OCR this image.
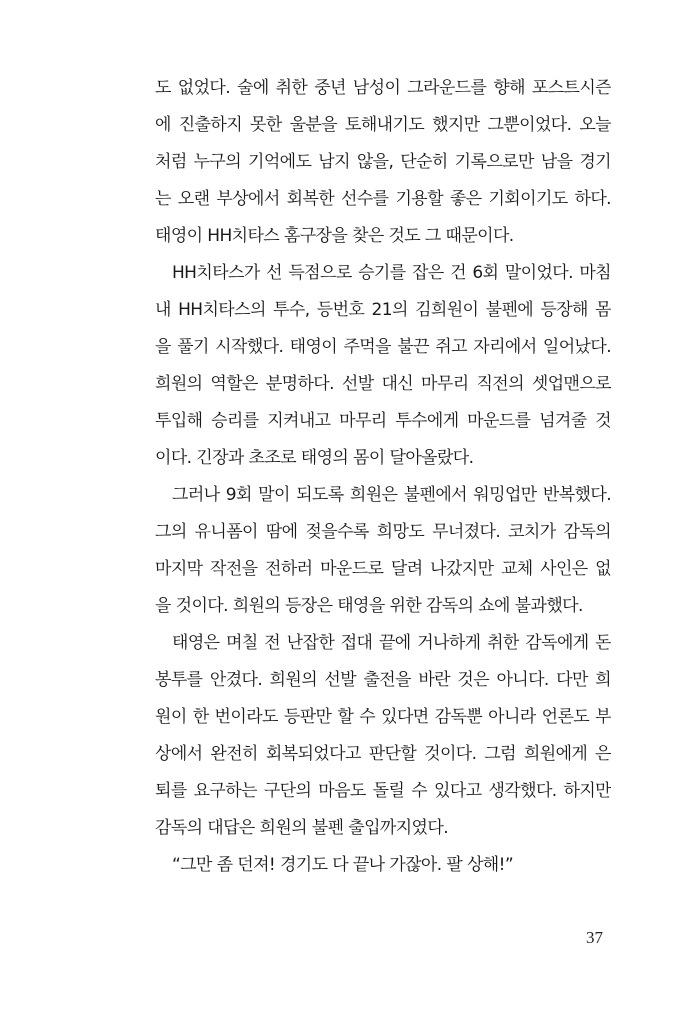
도 없었다. 술에 취한 중년 남성이 그라운드를 향해 포스트시즌
에 진출하지 못한 울분을 토해내기도 했지만 그뿐이었다. 오늘
처럼 누구의 기억에도 남지 않을, 단순히 기록으로만 남을 경기
는 오랜 부상에서 회복한 선수를 기용할 좋은 기회이기도 하다.
태영이 HH치타스 홈구장을 찾은 것도 그 때문이다.
HH치타스가 선 득점으로 승기를 잡은 건 6회 말이었다. 마침
내 HH치타스의 투수, 등번호 21의 김희원이 불펜에 등장해 몸
을 풀기 시작했다. 태영이 주먹을 불끈 쥐고 자리에서 일어났다.
희원의 역할은 분명하다. 선발 대신 마무리 직전의 셋업맨으로
투입해 승리를 지켜내고 마무리 투수에게 마운드를 넘겨줄 것
이다. 긴장과 초조로 태영의 몸이 달아올랐다.
그러나 9회 말이 되도록 희원은 불펜에서 워밍업만 반복했다.
그의 유니폼이 땀에 젖을수록 희망도 무너졌다. 코치가 감독의
마지막 작전을 전하러 마운드로 달려 나갔지만 교체 사인은 없
을 것이다. 희원의 등장은 태영을 위한 감독의 쇼에 불과했다.
태영은 며칠 전 난잡한 접대 끝에 거나하게 취한 감독에게 돈
봉투를 안겼다. 희원의 선발 출전을 바란 것은 아니다. 다만 희
원이 한 번이라도 등판만 할 수 있다면 감독뿐 아니라 언론도 부
상에서 완전히 회복되었다고 판단할 것이다. 그럼 희원에게 은
퇴를 요구하는 구단의 마음도 돌릴 수 있다고 생각했다. 하지만
감독의 대답은 희원의 불펜 출입까지였다.
“그만 좀 던져! 경기도 다 끝나 가잖아. 팔 상해!”
37
